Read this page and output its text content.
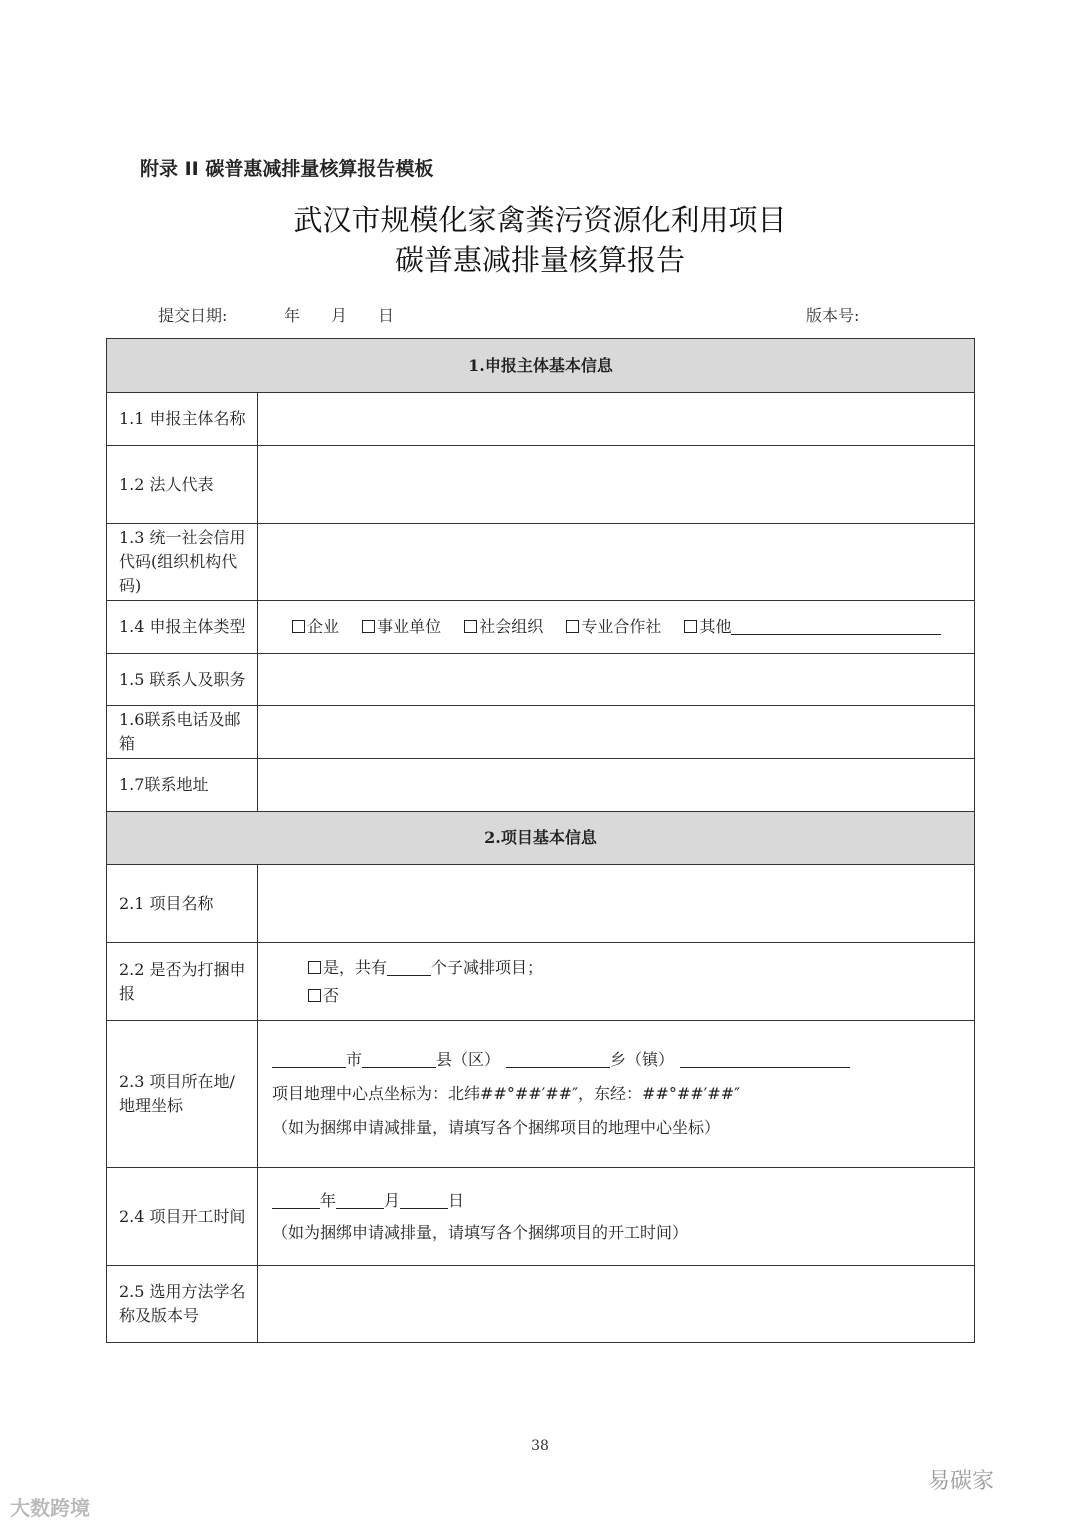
附录 II 碳普惠减排量核算报告模板
武汉市规模化家禽粪污资源化利用项目
碳普惠减排量核算报告
提交日期:	年 月 日	版本号:
1.申报主体基本信息	
1.1 申报主体名称	
1.2 法人代表	
1.3 统一社会信用代码(组织机构代码)	
1.4 申报主体类型	企业 事业单位 社会组织 专业合作社 其他
1.5 联系人及职务	
1.6联系电话及邮箱	
1.7联系地址	
2.项目基本信息	
2.1 项目名称	
2.2 是否为打捆申报	是，共有 个子减排项目；
否

2.3 项目所在地/地理坐标	市 县（区） 乡（镇）
项目地理中心点坐标为：北纬##°##′##″，东经：##°##′##″
（如为捆绑申请减排量，请填写各个捆绑项目的地理中心坐标）

2.4 项目开工时间	年 月 日
（如为捆绑申请减排量，请填写各个捆绑项目的开工时间）

2.5 选用方法学名称及版本号	
38
大数跨境
易碳家
